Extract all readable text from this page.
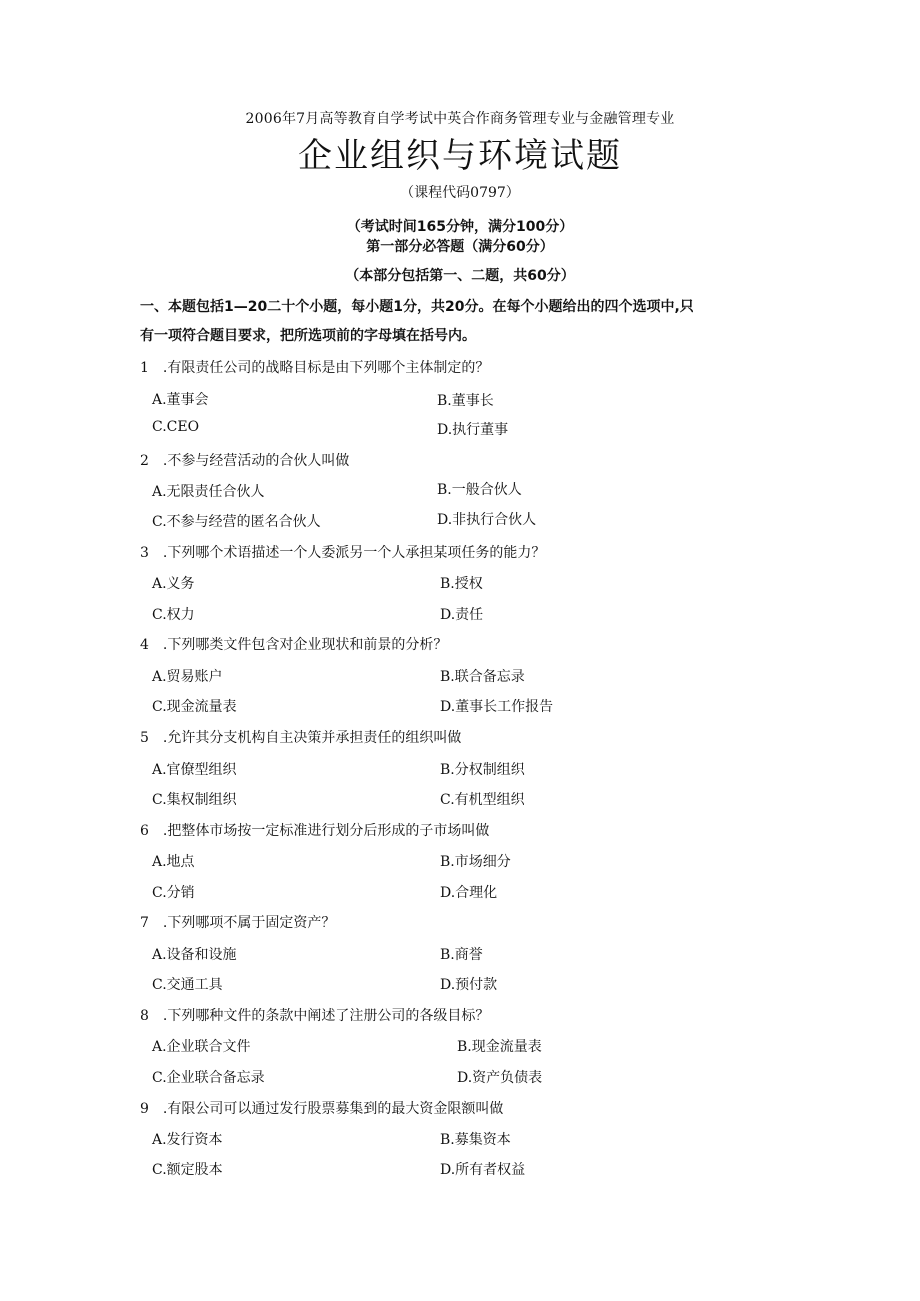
2006年7月高等教育自学考试中英合作商务管理专业与金融管理专业
企业组织与环境试题
（课程代码0797）
（考试时间165分钟，满分100分）
第一部分必答题（满分60分）
（本部分包括第一、二题，共60分）
一、本题包括1—20二十个小题，每小题1分，共20分。在每个小题给出的四个选项中,只
有一项符合题目要求，把所选项前的字母填在括号内。
1　.有限责任公司的战略目标是由下列哪个主体制定的？
A.董事会	B.董事长
C.CEO	D.执行董事
2　.不参与经营活动的合伙人叫做
A.无限责任合伙人	B.一般合伙人
C.不参与经营的匿名合伙人	D.非执行合伙人
3　.下列哪个术语描述一个人委派另一个人承担某项任务的能力？
A.义务	B.授权
C.权力	D.责任
4　.下列哪类文件包含对企业现状和前景的分析？
A.贸易账户	B.联合备忘录
C.现金流量表	D.董事长工作报告
5　.允许其分支机构自主决策并承担责任的组织叫做
A.官僚型组织	B.分权制组织
C.集权制组织	C.有机型组织
6　.把整体市场按一定标准进行划分后形成的子市场叫做
A.地点	B.市场细分
C.分销	D.合理化
7　.下列哪项不属于固定资产？
A.设备和设施	B.商誉
C.交通工具	D.预付款
8　.下列哪种文件的条款中阐述了注册公司的各级目标？
A.企业联合文件	B.现金流量表
C.企业联合备忘录	D.资产负债表
9　.有限公司可以通过发行股票募集到的最大资金限额叫做
A.发行资本	B.募集资本
C.额定股本	D.所有者权益
